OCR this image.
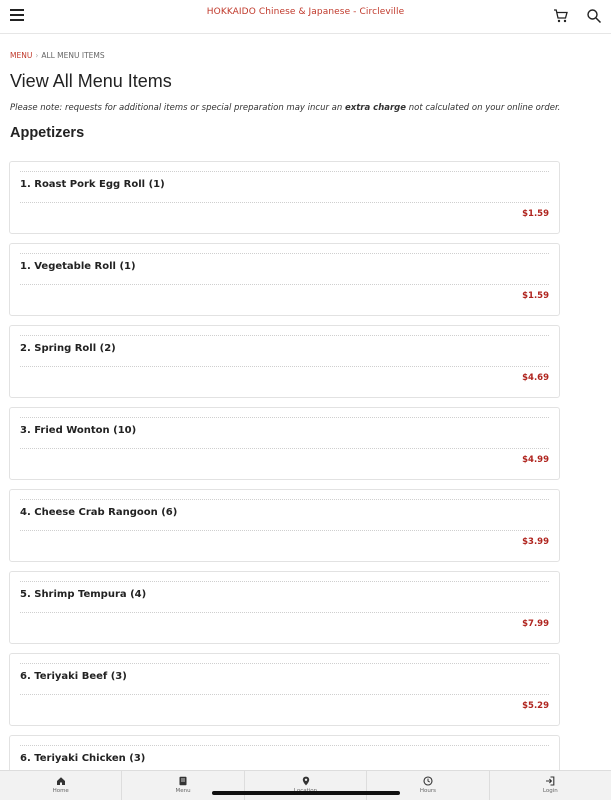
HOKKAIDO Chinese & Japanese - Circleville
MENU › ALL MENU ITEMS
View All Menu Items

Please note: requests for additional items or special preparation may incur an extra charge not calculated on your online order.

Appetizers
1. Roast Pork Egg Roll (1)
$1.59
1. Vegetable Roll (1)
$1.59
2. Spring Roll (2)
$4.69
3. Fried Wonton (10)
$4.99
4. Cheese Crab Rangoon (6)
$3.99
5. Shrimp Tempura (4)
$7.99
6. Teriyaki Beef (3)
$5.29
6. Teriyaki Chicken (3)
Home	Menu	Hours	Login
